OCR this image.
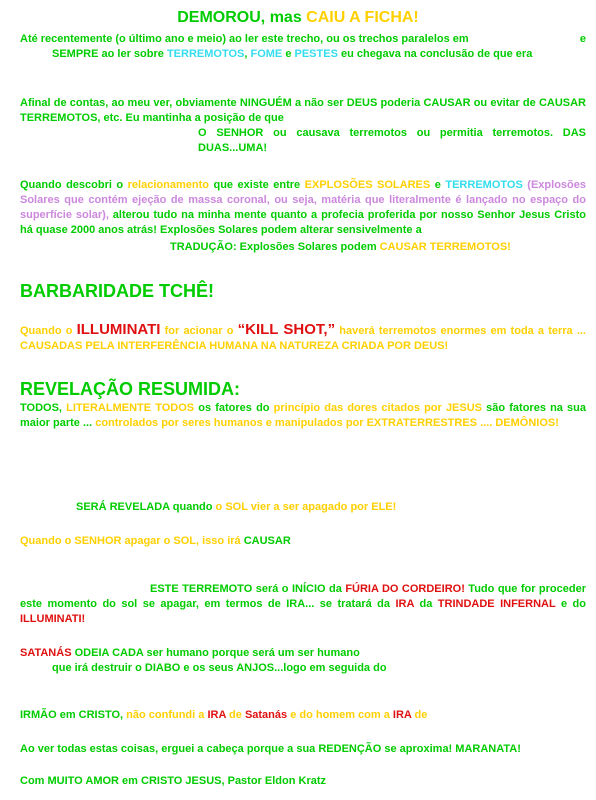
DEMOROU, mas CAIU A FICHA!
Até recentemente (o último ano e meio) ao ler este trecho, ou os trechos paralelos em	e
SEMPRE ao ler sobre TERREMOTOS, FOME e PESTES eu chegava na conclusão de que era
Afinal de contas, ao meu ver, obviamente NINGUÉM a não ser DEUS poderia CAUSAR ou evitar de CAUSAR TERREMOTOS, etc. Eu mantinha a posição de que
O SENHOR ou causava terremotos ou permitia terremotos. DAS DUAS...UMA!
Quando descobri o relacionamento que existe entre EXPLOSÕES SOLARES e TERREMOTOS (Explosões Solares que contém ejeção de massa coronal, ou seja, matéria que literalmente é lançado no espaço do superfície solar), alterou tudo na minha mente quanto a profecia proferida por nosso Senhor Jesus Cristo há quase 2000 anos atrás! Explosões Solares podem alterar sensivelmente a
TRADUÇÃO: Explosões Solares podem CAUSAR TERREMOTOS!
BARBARIDADE TCHÊ!
Quando o ILLUMINATI for acionar o “KILL SHOT,” haverá terremotos enormes em toda a terra ... CAUSADAS PELA INTERFERÊNCIA HUMANA NA NATUREZA CRIADA POR DEUS!
REVELAÇÃO RESUMIDA:
TODOS, LITERALMENTE TODOS os fatores do princípio das dores citados por JESUS são fatores na sua maior parte ... controlados por seres humanos e manipulados por EXTRATERRESTRES .... DEMÔNIOS!
SERÁ REVELADA quando o SOL vier a ser apagado por ELE!
Quando o SENHOR apagar o SOL, isso irá CAUSAR
ESTE TERREMOTO será o INÍCIO da FÚRIA DO CORDEIRO! Tudo que for proceder este momento do sol se apagar, em termos de IRA... se tratará da IRA da TRINDADE INFERNAL e do ILLUMINATI!
SATANÁS ODEIA CADA ser humano porque será um ser humano
que irá destruir o DIABO e os seus ANJOS...logo em seguida do
IRMÃO em CRISTO, não confundi a IRA de Satanás e do homem com a IRA de
Ao ver todas estas coisas, erguei a cabeça porque a sua REDENÇÃO se aproxima! MARANATA!
Com MUITO AMOR em CRISTO JESUS, Pastor Eldon Kratz
